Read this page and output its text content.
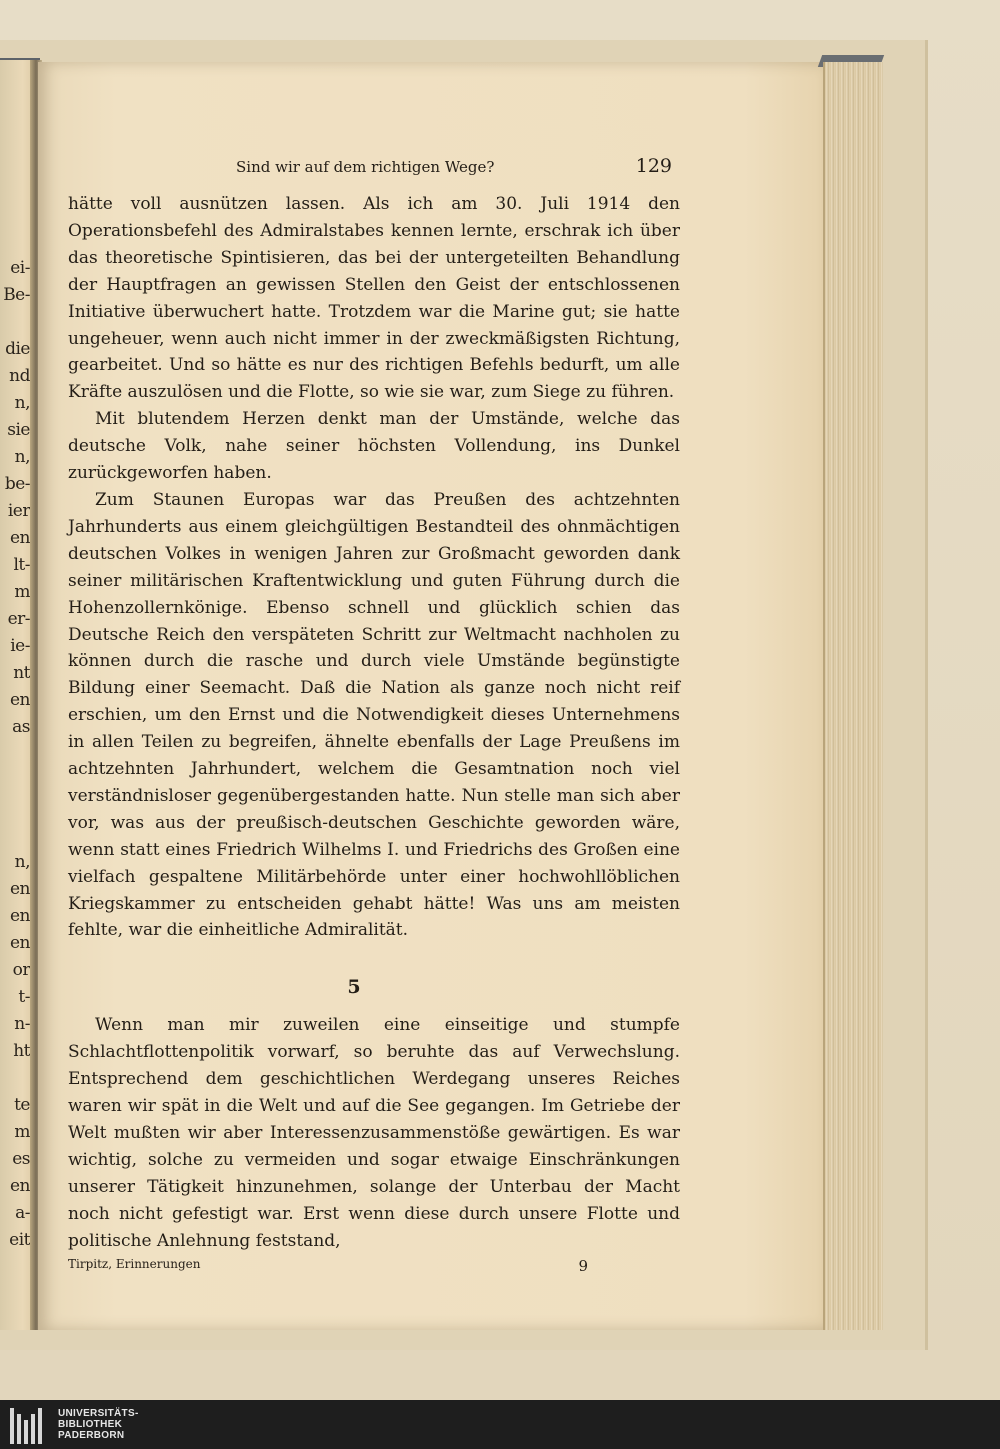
ei-
Be-
die
nd
n,
sie
n,
be-
ier
en
lt-
m
er-
ie-
nt
en
as
n,
en
en
en
or
t-
n-
ht
te
m
es
en
a-
eit
Sind wir auf dem richtigen Wege?	129

hätte voll ausnützen lassen. Als ich am 30. Juli 1914 den Operationsbefehl des Admiralstabes kennen lernte, erschrak ich über das theoretische Spintisieren, das bei der untergeteilten Behandlung der Hauptfragen an gewissen Stellen den Geist der entschlossenen Initiative überwuchert hatte. Trotzdem war die Marine gut; sie hatte ungeheuer, wenn auch nicht immer in der zweckmäßigsten Richtung, gearbeitet. Und so hätte es nur des richtigen Befehls bedurft, um alle Kräfte auszulösen und die Flotte, so wie sie war, zum Siege zu führen.

Mit blutendem Herzen denkt man der Umstände, welche das deutsche Volk, nahe seiner höchsten Vollendung, ins Dunkel zurückgeworfen haben.

Zum Staunen Europas war das Preußen des achtzehnten Jahrhunderts aus einem gleichgültigen Bestandteil des ohnmächtigen deutschen Volkes in wenigen Jahren zur Großmacht geworden dank seiner militärischen Kraftentwicklung und guten Führung durch die Hohenzollernkönige. Ebenso schnell und glücklich schien das Deutsche Reich den verspäteten Schritt zur Weltmacht nachholen zu können durch die rasche und durch viele Umstände begünstigte Bildung einer Seemacht. Daß die Nation als ganze noch nicht reif erschien, um den Ernst und die Notwendigkeit dieses Unternehmens in allen Teilen zu begreifen, ähnelte ebenfalls der Lage Preußens im achtzehnten Jahrhundert, welchem die Gesamtnation noch viel verständnisloser gegenübergestanden hatte. Nun stelle man sich aber vor, was aus der preußisch-deutschen Geschichte geworden wäre, wenn statt eines Friedrich Wilhelms I. und Friedrichs des Großen eine vielfach gespaltene Militärbehörde unter einer hochwohllöblichen Kriegskammer zu entscheiden gehabt hätte! Was uns am meisten fehlte, war die einheitliche Admiralität.

5

Wenn man mir zuweilen eine einseitige und stumpfe Schlachtflottenpolitik vorwarf, so beruhte das auf Verwechslung. Entsprechend dem geschichtlichen Werdegang unseres Reiches waren wir spät in die Welt und auf die See gegangen. Im Getriebe der Welt mußten wir aber Interessenzusammenstöße gewärtigen. Es war wichtig, solche zu vermeiden und sogar etwaige Einschränkungen unserer Tätigkeit hinzunehmen, solange der Unterbau der Macht noch nicht gefestigt war. Erst wenn diese durch unsere Flotte und politische Anlehnung feststand,

Tirpitz, Erinnerungen	9
UNIVERSITÄTS-
BIBLIOTHEK
PADERBORN
